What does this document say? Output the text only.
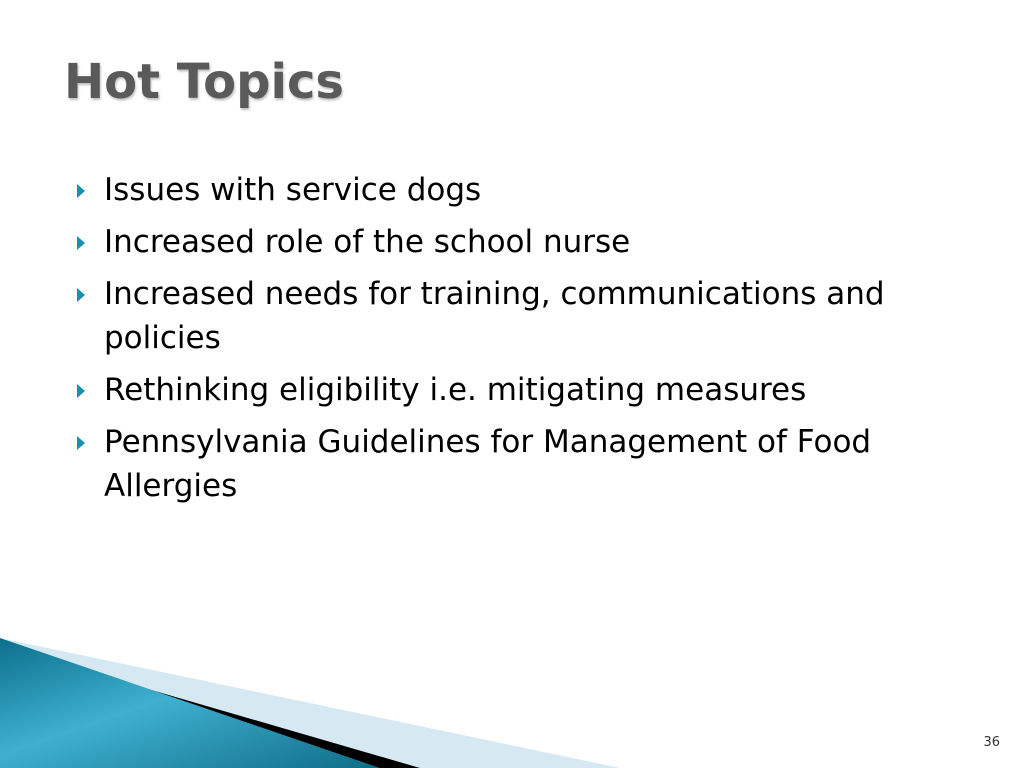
Hot Topics
Issues with service dogs
Increased role of the school nurse
Increased needs for training, communications and policies
Rethinking eligibility i.e. mitigating measures
Pennsylvania Guidelines for Management of Food Allergies
36
